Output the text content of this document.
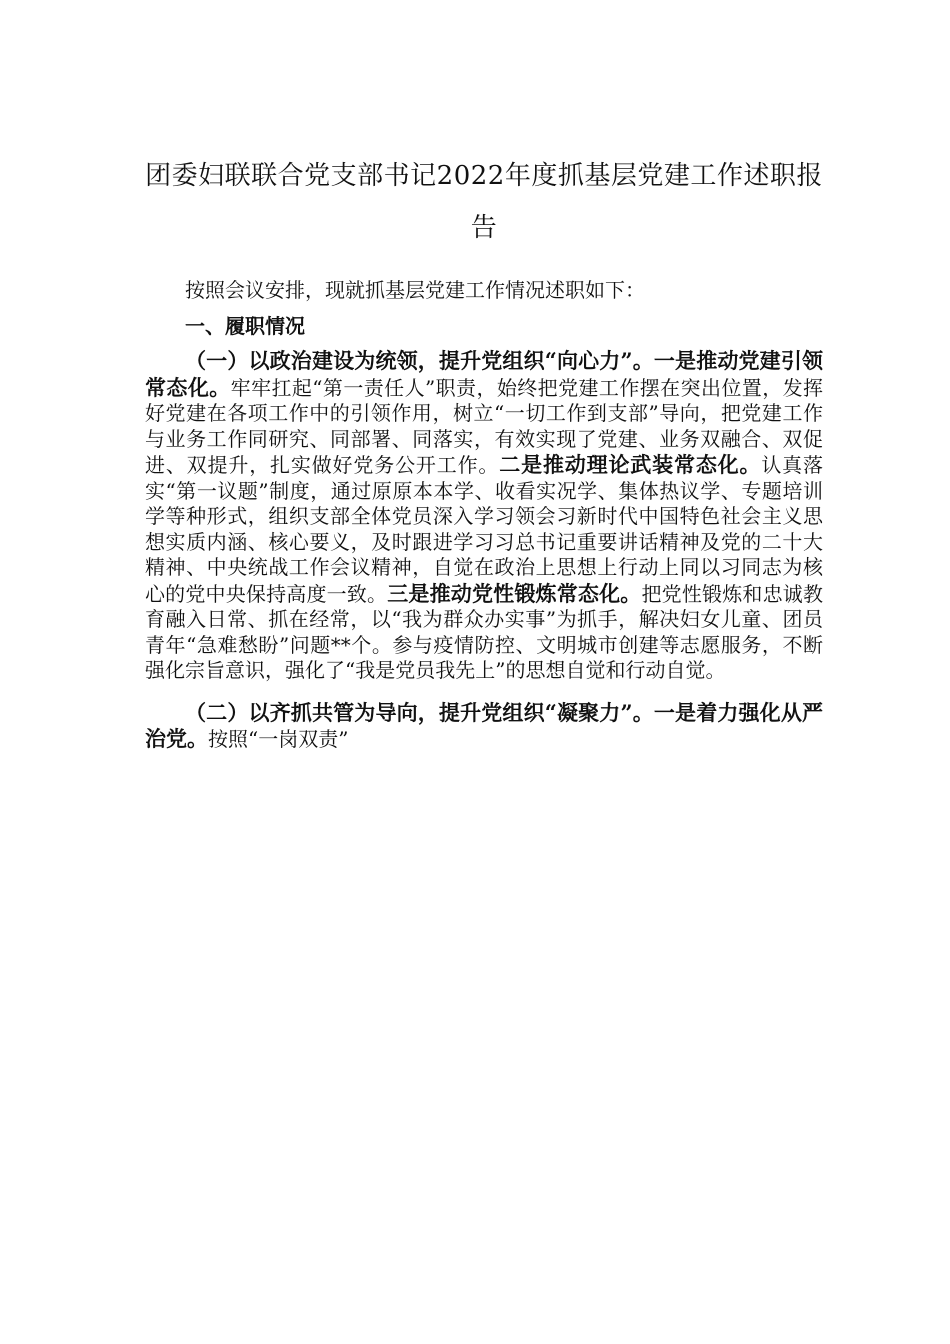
团委妇联联合党支部书记2022年度抓基层党建工作述职报
告

按照会议安排，现就抓基层党建工作情况述职如下：

一、履职情况

（一）以政治建设为统领，提升党组织“向心力”。一是推动党建引领常态化。牢牢扛起“第一责任人”职责，始终把党建工作摆在突出位置，发挥好党建在各项工作中的引领作用，树立“一切工作到支部”导向，把党建工作与业务工作同研究、同部署、同落实，有效实现了党建、业务双融合、双促进、双提升，扎实做好党务公开工作。二是推动理论武装常态化。认真落实“第一议题”制度，通过原原本本学、收看实况学、集体热议学、专题培训学等种形式，组织支部全体党员深入学习领会习新时代中国特色社会主义思想实质内涵、核心要义，及时跟进学习习总书记重要讲话精神及党的二十大精神、中央统战工作会议精神，自觉在政治上思想上行动上同以习同志为核心的党中央保持高度一致。三是推动党性锻炼常态化。把党性锻炼和忠诚教育融入日常、抓在经常，以“我为群众办实事”为抓手，解决妇女儿童、团员青年“急难愁盼”问题**个。参与疫情防控、文明城市创建等志愿服务，不断强化宗旨意识，强化了“我是党员我先上”的思想自觉和行动自觉。

（二）以齐抓共管为导向，提升党组织“凝聚力”。一是着力强化从严治党。按照“一岗双责”
